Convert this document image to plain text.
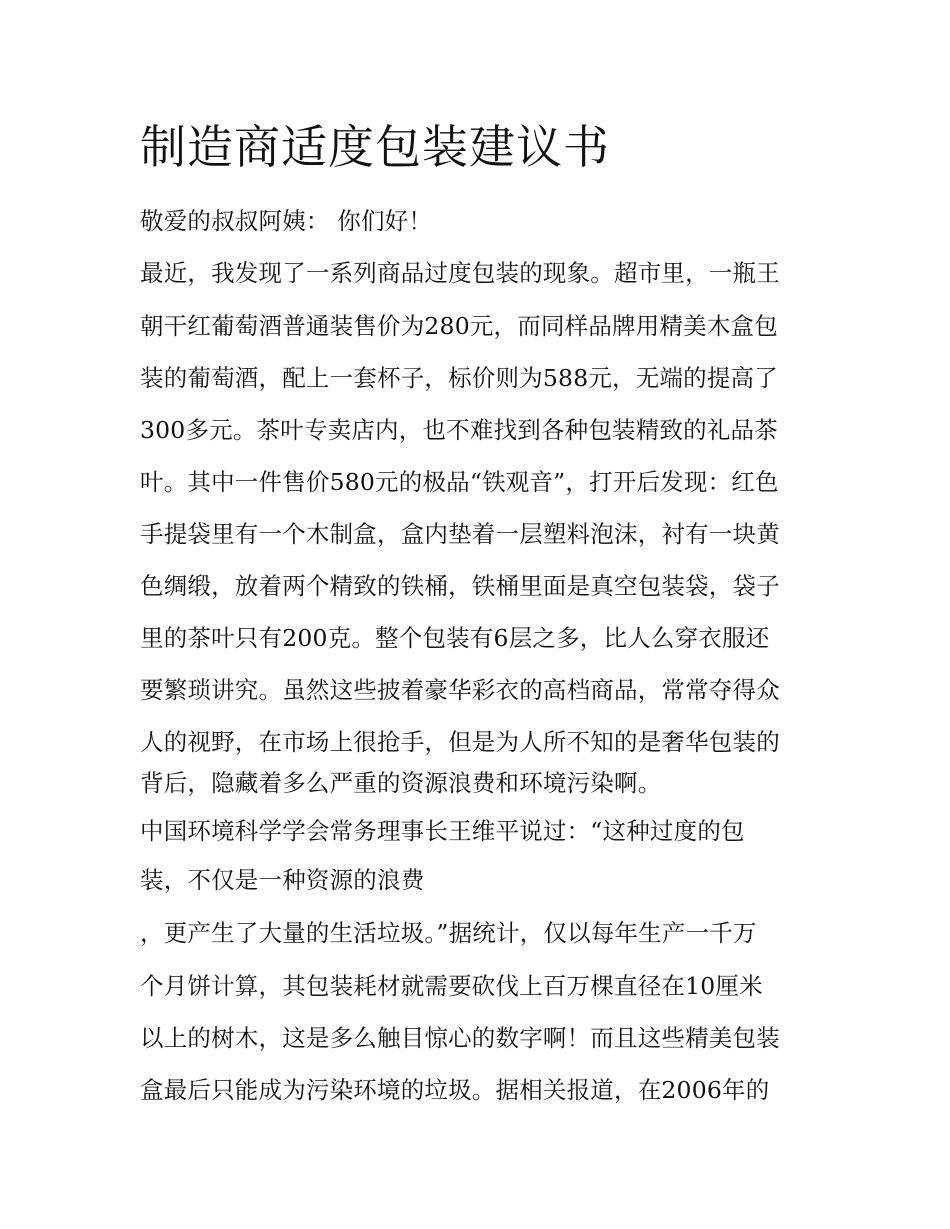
制造商适度包装建议书

敬爱的叔叔阿姨： 你们好！

最近，我发现了一系列商品过度包装的现象。超市里，一瓶王

朝干红葡萄酒普通装售价为280元，而同样品牌用精美木盒包

装的葡萄酒，配上一套杯子，标价则为588元，无端的提高了

300多元。茶叶专卖店内，也不难找到各种包装精致的礼品茶

叶。其中一件售价580元的极品“铁观音”，打开后发现：红色

手提袋里有一个木制盒，盒内垫着一层塑料泡沫，衬有一块黄

色绸缎，放着两个精致的铁桶，铁桶里面是真空包装袋，袋子

里的茶叶只有200克。整个包装有6层之多，比人么穿衣服还

要繁琐讲究。虽然这些披着豪华彩衣的高档商品，常常夺得众

人的视野，在市场上很抢手，但是为人所不知的是奢华包装的

背后，隐藏着多么严重的资源浪费和环境污染啊。

中国环境科学学会常务理事长王维平说过：“这种过度的包

装，不仅是一种资源的浪费

，更产生了大量的生活垃圾。”据统计，仅以每年生产一千万

个月饼计算，其包装耗材就需要砍伐上百万棵直径在10厘米

以上的树木，这是多么触目惊心的数字啊！而且这些精美包装

盒最后只能成为污染环境的垃圾。据相关报道，在2006年的
